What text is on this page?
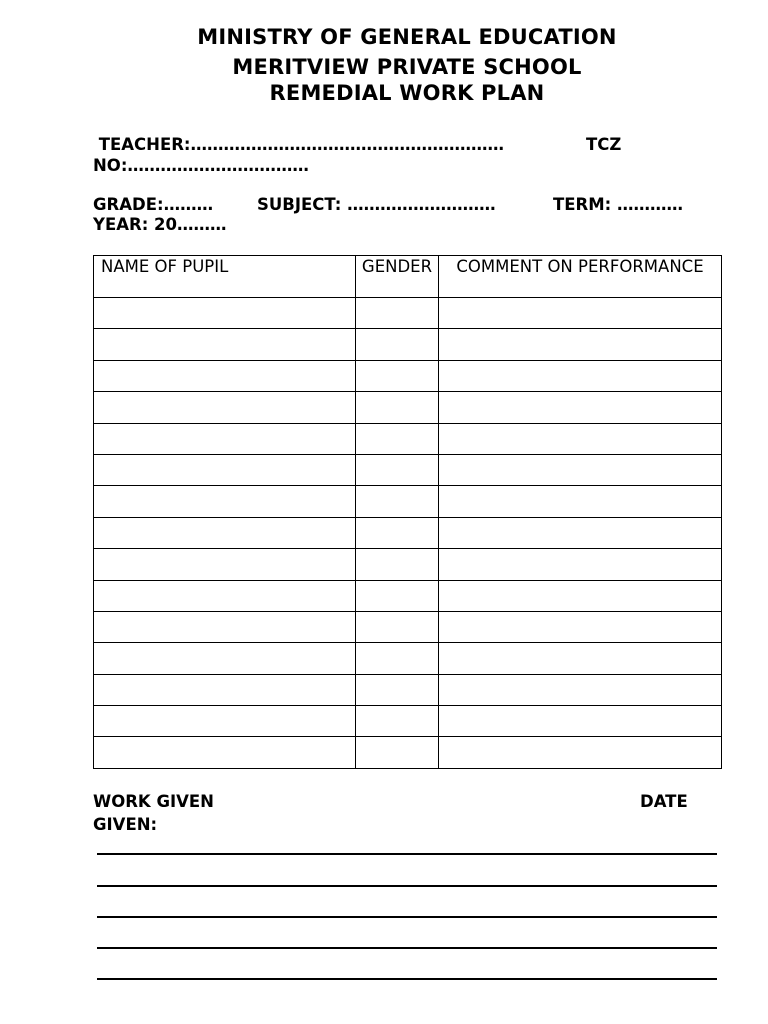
MINISTRY OF GENERAL EDUCATION
MERITVIEW PRIVATE SCHOOL
REMEDIAL WORK PLAN
TEACHER:…………………………………………………	TCZ
NO:……………………………
GRADE:………	SUBJECT: ………………………	TERM: …………
YEAR: 20………
NAME OF PUPIL	GENDER	COMMENT ON PERFORMANCE

WORK GIVEN	DATE
GIVEN:
